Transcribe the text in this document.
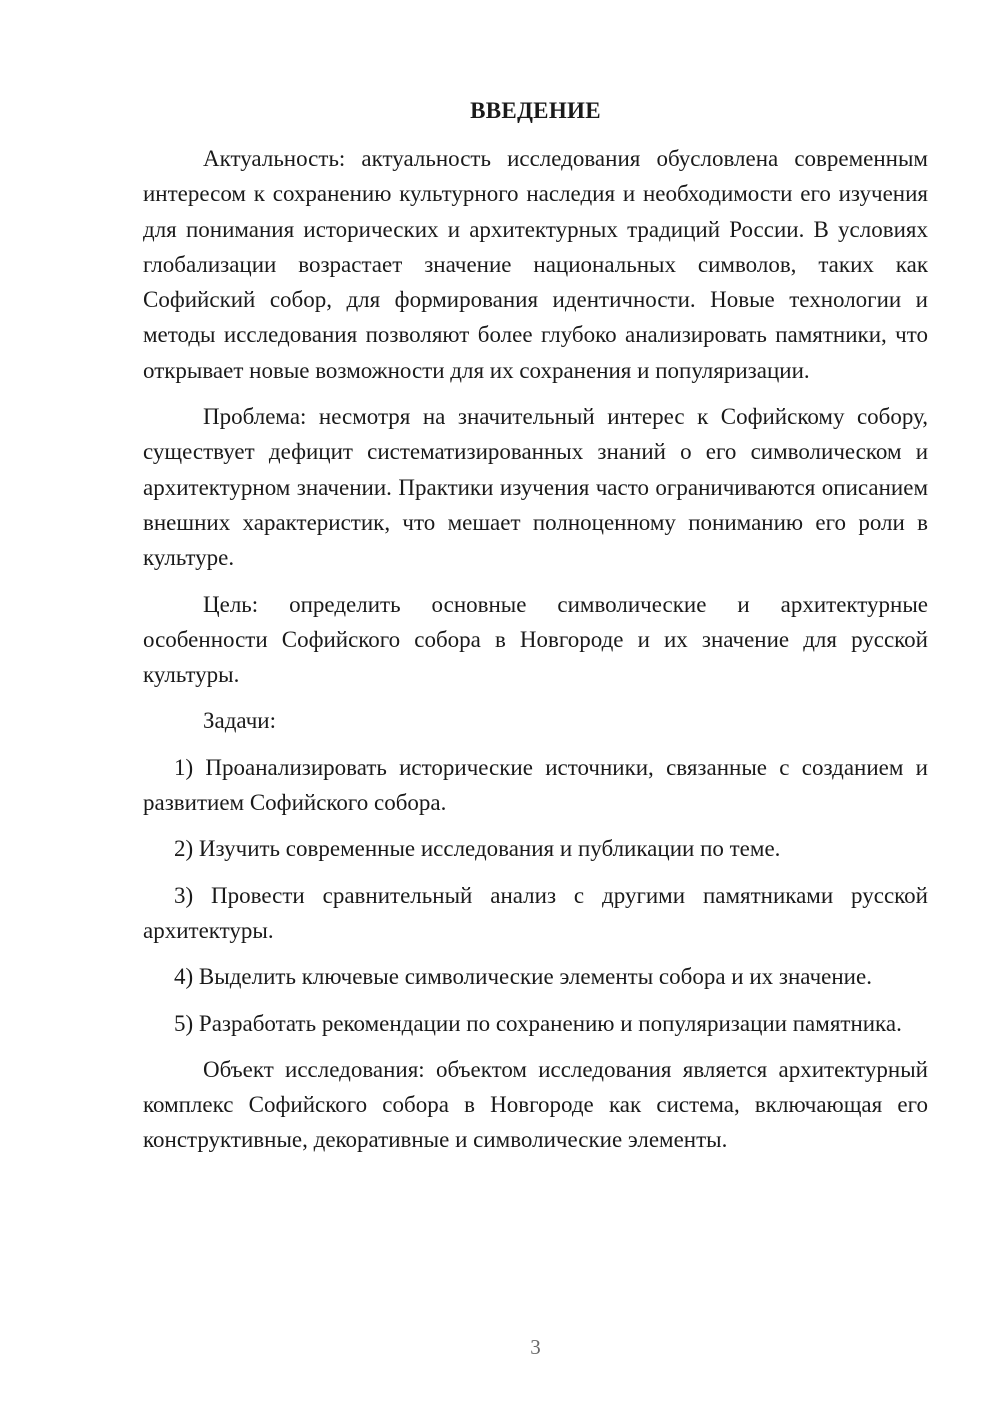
ВВЕДЕНИЕ

Актуальность: актуальность исследования обусловлена современным интересом к сохранению культурного наследия и необходимости его изучения для понимания исторических и архитектурных традиций России. В условиях глобализации возрастает значение национальных символов, таких как Софийский собор, для формирования идентичности. Новые технологии и методы исследования позволяют более глубоко анализировать памятники, что открывает новые возможности для их сохранения и популяризации.

Проблема: несмотря на значительный интерес к Софийскому собору, существует дефицит систематизированных знаний о его символическом и архитектурном значении. Практики изучения часто ограничиваются описанием внешних характеристик, что мешает полноценному пониманию его роли в культуре.

Цель: определить основные символические и архитектурные особенности Софийского собора в Новгороде и их значение для русской культуры.

Задачи:

1) Проанализировать исторические источники, связанные с созданием и развитием Софийского собора.

2) Изучить современные исследования и публикации по теме.

3) Провести сравнительный анализ с другими памятниками русской архитектуры.

4) Выделить ключевые символические элементы собора и их значение.

5) Разработать рекомендации по сохранению и популяризации памятника.

Объект исследования: объектом исследования является архитектурный комплекс Софийского собора в Новгороде как система, включающая его конструктивные, декоративные и символические элементы.

3
